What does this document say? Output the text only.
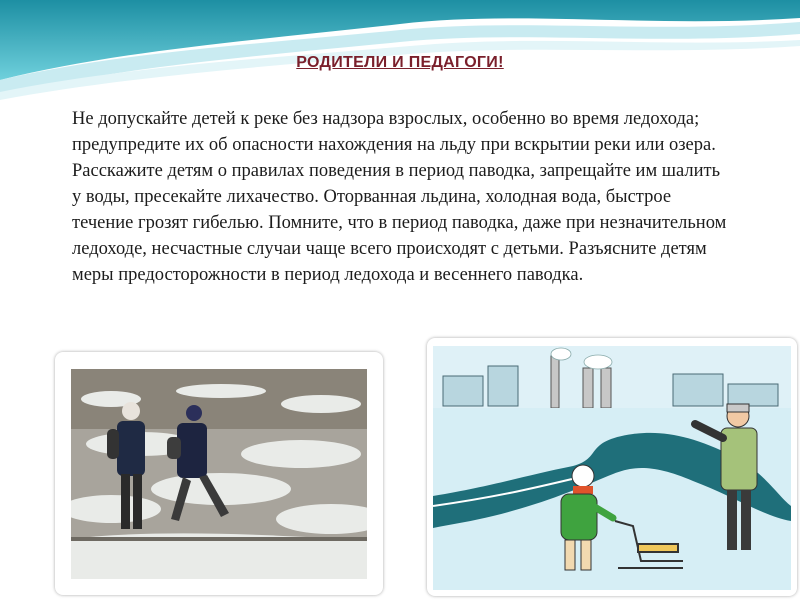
РОДИТЕЛИ И ПЕДАГОГИ!
Не допускайте детей к реке без надзора взрослых, особенно во время ледохода; предупредите их об опасности нахождения на льду при вскрытии реки или озера. Расскажите детям о правилах поведения в период паводка, запрещайте им шалить у воды, пресекайте лихачество. Оторванная льдина, холодная вода, быстрое течение грозят гибелью. Помните, что в период паводка, даже при незначительном ледоходе, несчастные случаи чаще всего происходят с детьми. Разъясните детям меры предосторожности в период ледохода и весеннего паводка.
